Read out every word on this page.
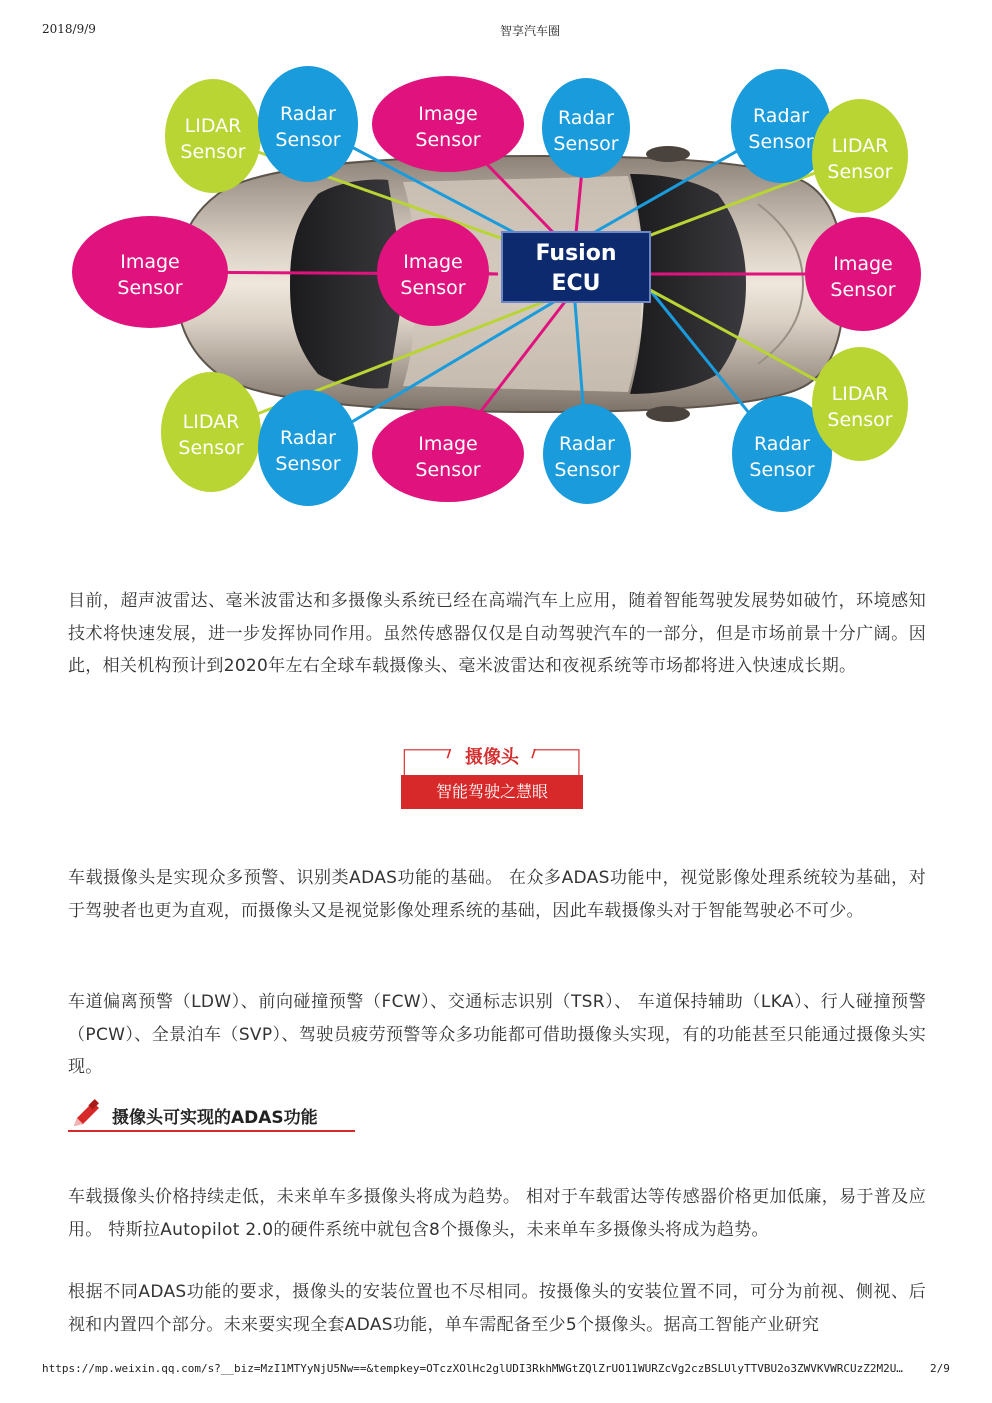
2018/9/9	智享汽车圈
Fusion
ECU
LIDAR
Sensor
Radar
Sensor
Image
Sensor
Radar
Sensor
Radar
Sensor LIDAR
Sensor
Image
Sensor
Image
Sensor
Image
Sensor
LIDAR
Sensor Radar
Sensor
Image
Sensor
Radar
Sensor
Radar
Sensor
LIDAR
Sensor

目前，超声波雷达、毫米波雷达和多摄像头系统已经在高端汽车上应用，随着智能驾驶发展势如破竹，环境感知技术将快速发展，进一步发挥协同作用。虽然传感器仅仅是自动驾驶汽车的一部分，但是市场前景十分广阔。因此，相关机构预计到2020年左右全球车载摄像头、毫米波雷达和夜视系统等市场都将进入快速成长期。

摄像头
智能驾驶之慧眼

车载摄像头是实现众多预警、识别类ADAS功能的基础。 在众多ADAS功能中，视觉影像处理系统较为基础，对于驾驶者也更为直观，而摄像头又是视觉影像处理系统的基础，因此车载摄像头对于智能驾驶必不可少。

车道偏离预警（LDW）、前向碰撞预警（FCW）、交通标志识别（TSR）、 车道保持辅助（LKA）、行人碰撞预警（PCW）、全景泊车（SVP）、驾驶员疲劳预警等众多功能都可借助摄像头实现，有的功能甚至只能通过摄像头实现。

摄像头可实现的ADAS功能

车载摄像头价格持续走低，未来单车多摄像头将成为趋势。 相对于车载雷达等传感器价格更加低廉，易于普及应用。 特斯拉Autopilot 2.0的硬件系统中就包含8个摄像头，未来单车多摄像头将成为趋势。

根据不同ADAS功能的要求，摄像头的安装位置也不尽相同。按摄像头的安装位置不同，可分为前视、侧视、后视和内置四个部分。未来要实现全套ADAS功能，单车需配备至少5个摄像头。据高工智能产业研究

https://mp.weixin.qq.com/s?__biz=MzI1MTYyNjU5Nw==&tempkey=OTczXOlHc2glUDI3RkhMWGtZQlZrUO11WURZcVg2czBSLUlyTTVBU2o3ZWVKVWRCUzZ2M2U…	2/9
